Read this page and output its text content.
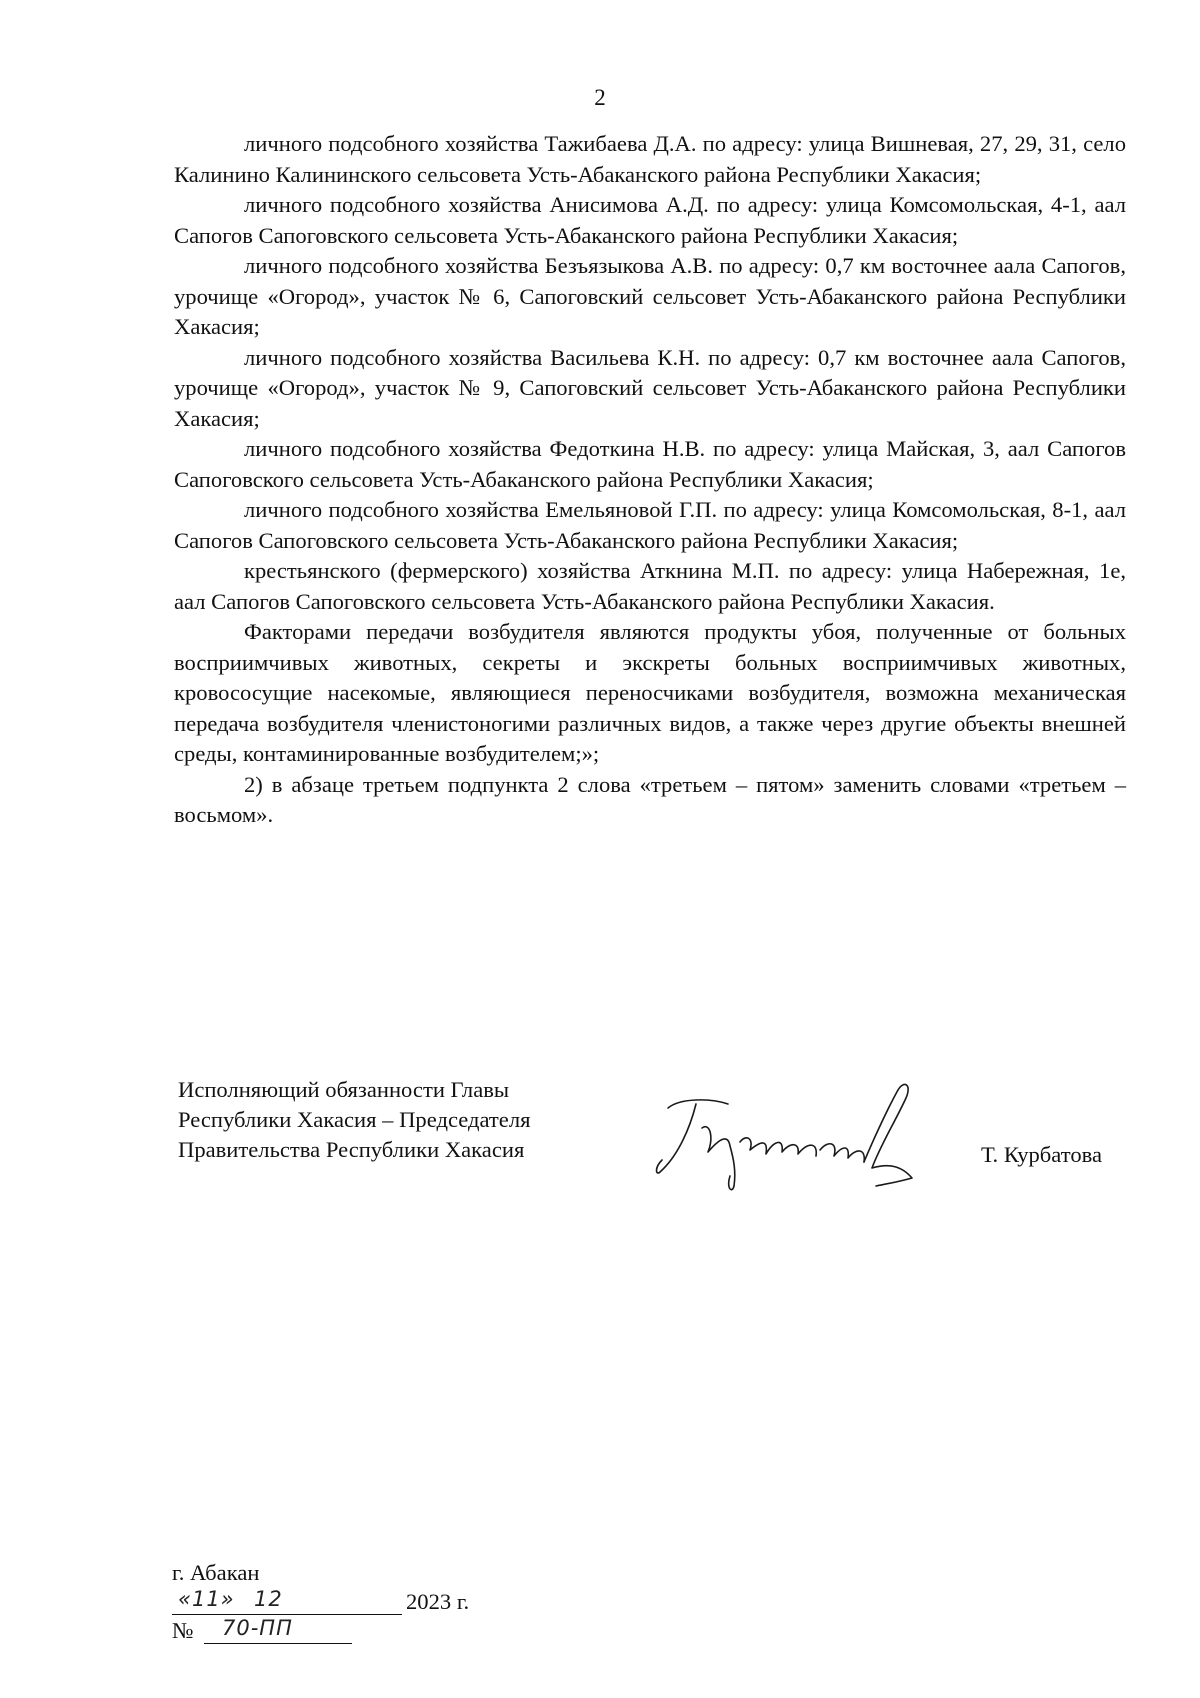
2

личного подсобного хозяйства Тажибаева Д.А. по адресу: улица Вишневая, 27, 29, 31, село Калинино Калининского сельсовета Усть-Абаканского района Республики Хакасия;

личного подсобного хозяйства Анисимова А.Д. по адресу: улица Комсомольская, 4-1, аал Сапогов Сапоговского сельсовета Усть-Абаканского района Республики Хакасия;

личного подсобного хозяйства Безъязыкова А.В. по адресу: 0,7 км восточнее аала Сапогов, урочище «Огород», участок № 6, Сапоговский сельсовет Усть-Абаканского района Республики Хакасия;

личного подсобного хозяйства Васильева К.Н. по адресу: 0,7 км восточнее аала Сапогов, урочище «Огород», участок № 9, Сапоговский сельсовет Усть-Абаканского района Республики Хакасия;

личного подсобного хозяйства Федоткина Н.В. по адресу: улица Майская, 3, аал Сапогов Сапоговского сельсовета Усть-Абаканского района Республики Хакасия;

личного подсобного хозяйства Емельяновой Г.П. по адресу: улица Комсомольская, 8-1, аал Сапогов Сапоговского сельсовета Усть-Абаканского района Республики Хакасия;

крестьянского (фермерского) хозяйства Аткнина М.П. по адресу: улица Набережная, 1е, аал Сапогов Сапоговского сельсовета Усть-Абаканского района Республики Хакасия.

Факторами передачи возбудителя являются продукты убоя, полученные от больных восприимчивых животных, секреты и экскреты больных восприимчивых животных, кровососущие насекомые, являющиеся переносчиками возбудителя, возможна механическая передача возбудителя членистоногими различных видов, а также через другие объекты внешней среды, контаминированные возбудителем;»;

2) в абзаце третьем подпункта 2 слова «третьем – пятом» заменить словами «третьем – восьмом».

Исполняющий обязанности Главы
Республики Хакасия – Председателя
Правительства Республики Хакасия	Т. Курбатова
г. Абакан
«11» 12	2023 г.
№ 70-ПП
